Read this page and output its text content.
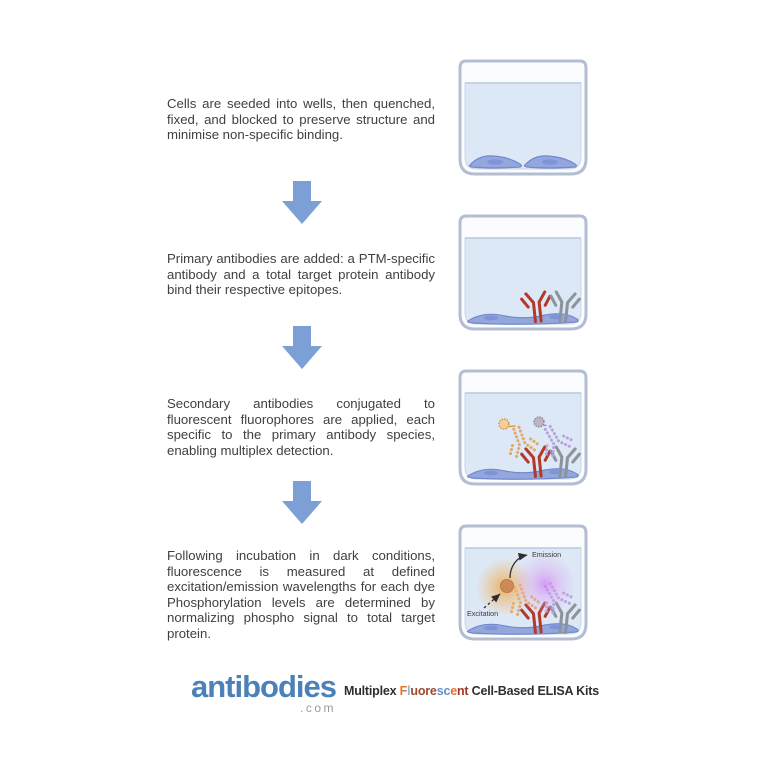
Cells are seeded into wells, then quenched, fixed, and blocked to preserve structure and minimise non-specific binding.

Primary antibodies are added: a PTM-specific antibody and a total target protein antibody bind their respective epitopes.

Secondary antibodies conjugated to fluorescent fluorophores are applied, each specific to the primary antibody species, enabling multiplex detection.

Following incubation in dark conditions, fluorescence is measured at defined excitation/emission wavelengths for each dye Phosphorylation levels are determined by normalizing phospho signal to total target protein.

Emission
Excitation
antibodies
.com
Multiplex Fluorescent Cell-Based ELISA Kits
